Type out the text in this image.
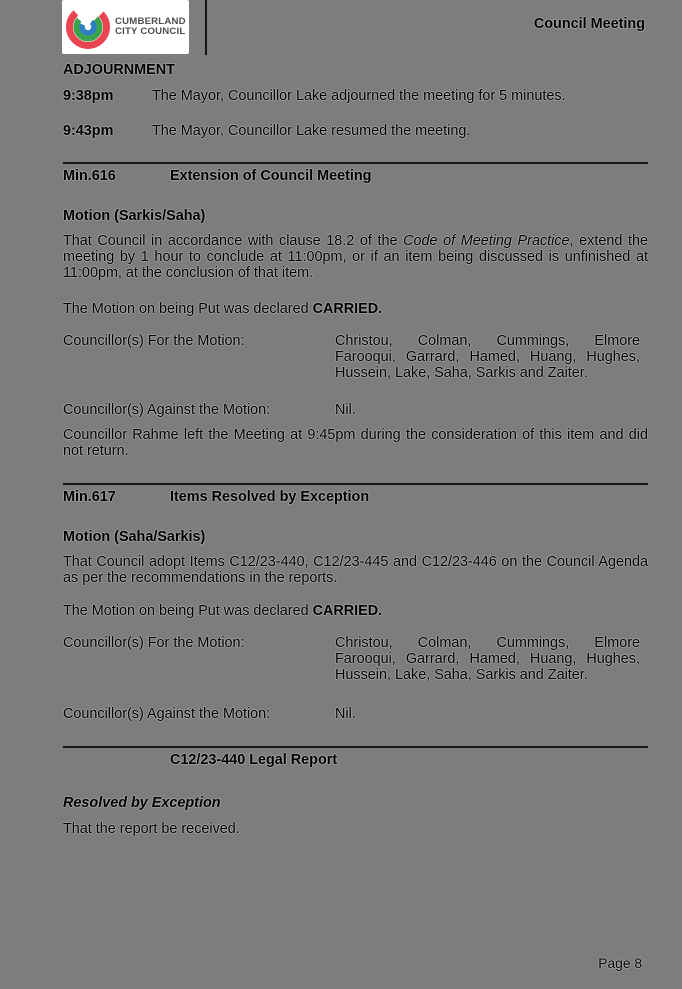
CUMBERLAND
CITY COUNCIL	Council Meeting
ADJOURNMENT
9:38pm	The Mayor, Councillor Lake adjourned the meeting for 5 minutes.
9:43pm	The Mayor, Councillor Lake resumed the meeting.
Min.616	Extension of Council Meeting
Motion (Sarkis/Saha)
That Council in accordance with clause 18.2 of the Code of Meeting Practice, extend the meeting by 1 hour to conclude at 11:00pm, or if an item being discussed is unfinished at 11:00pm, at the conclusion of that item.
The Motion on being Put was declared CARRIED.
Councillor(s) For the Motion:	Christou, Colman, Cummings, Elmore Farooqui, Garrard, Hamed, Huang, Hughes, Hussein, Lake, Saha, Sarkis and Zaiter.
Councillor(s) Against the Motion:	Nil.
Councillor Rahme left the Meeting at 9:45pm during the consideration of this item and did not return.
Min.617	Items Resolved by Exception
Motion (Saha/Sarkis)
That Council adopt Items C12/23-440, C12/23-445 and C12/23-446 on the Council Agenda as per the recommendations in the reports.
The Motion on being Put was declared CARRIED.
Councillor(s) For the Motion:	Christou, Colman, Cummings, Elmore Farooqui, Garrard, Hamed, Huang, Hughes, Hussein, Lake, Saha, Sarkis and Zaiter.
Councillor(s) Against the Motion:	Nil.
C12/23-440 Legal Report
Resolved by Exception
That the report be received.
Page 8
